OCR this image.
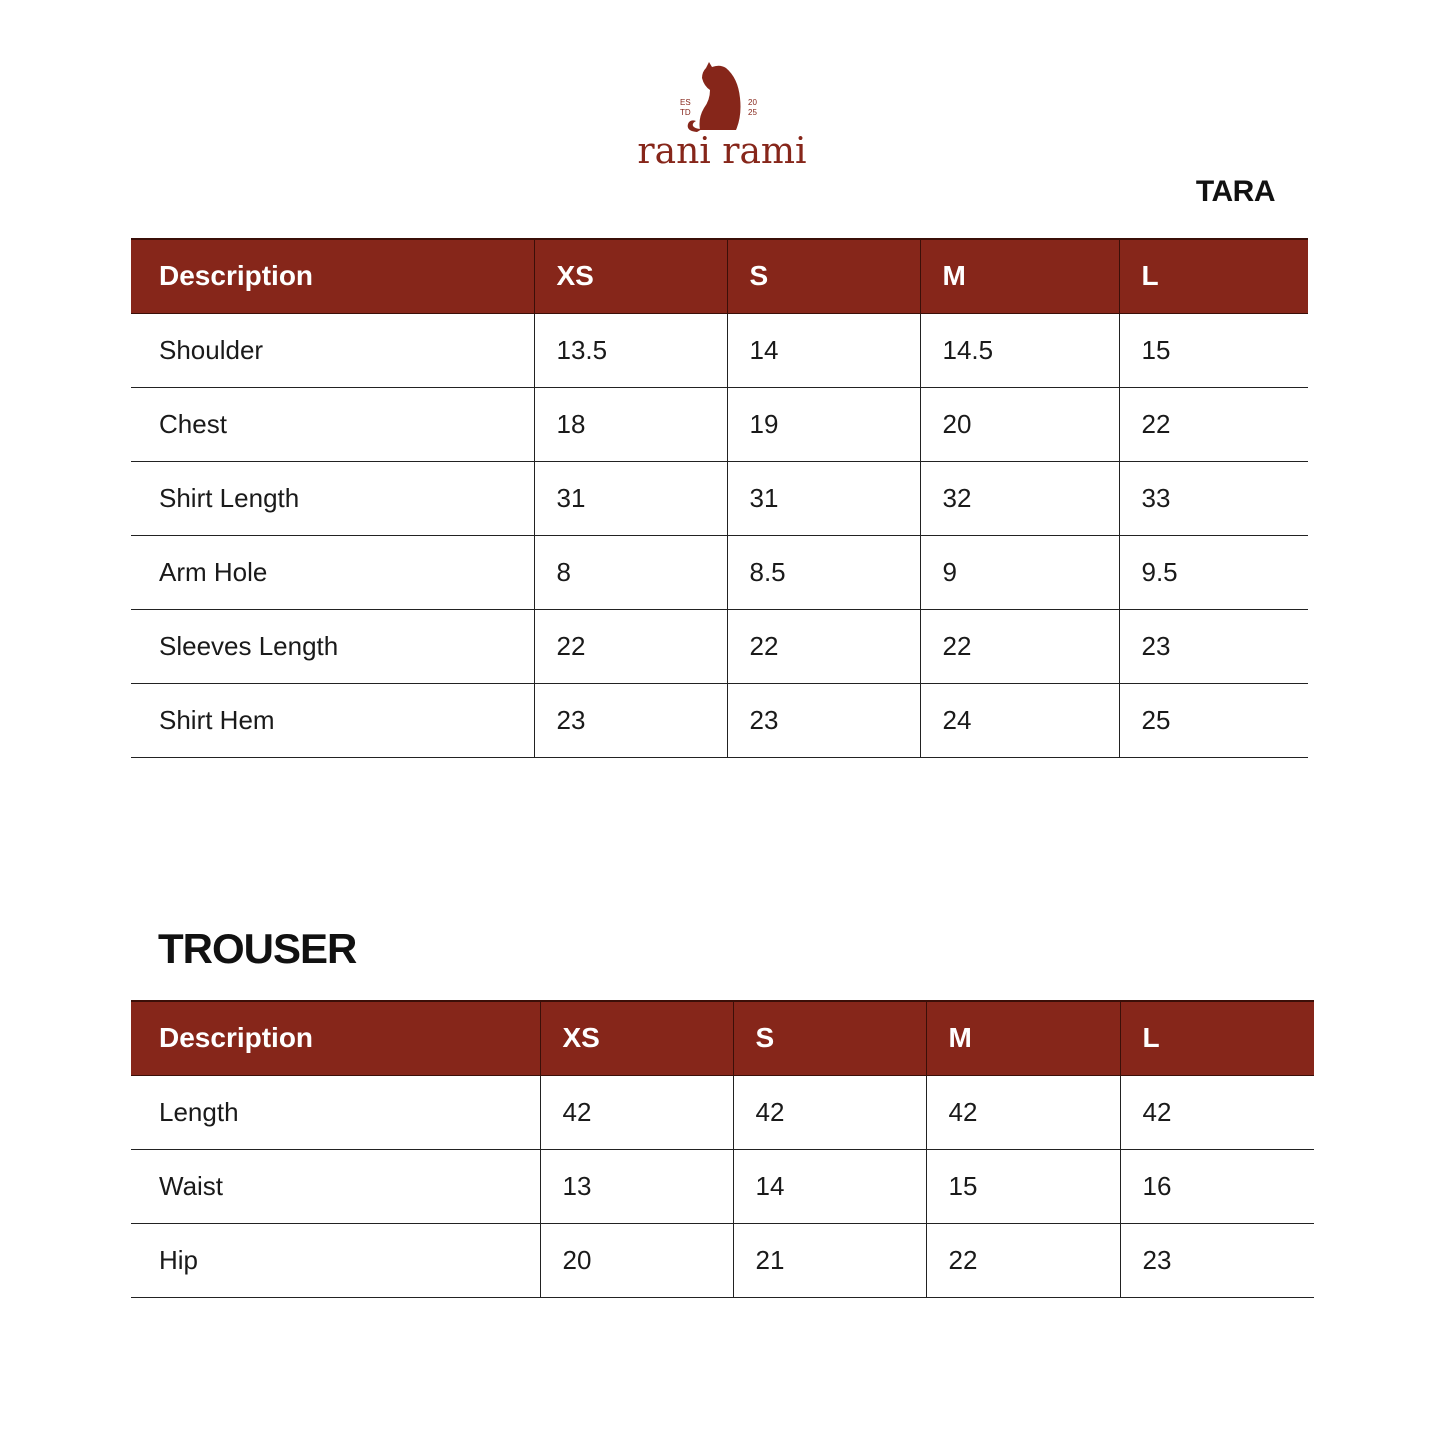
ES
TD
20
25
rani rami
TARA
Description	XS	S	M	L
Shoulder	13.5	14	14.5	15
Chest	18	19	20	22
Shirt Length	31	31	32	33
Arm Hole	8	8.5	9	9.5
Sleeves Length	22	22	22	23
Shirt Hem	23	23	24	25
TROUSER
Description	XS	S	M	L
Length	42	42	42	42
Waist	13	14	15	16
Hip	20	21	22	23
